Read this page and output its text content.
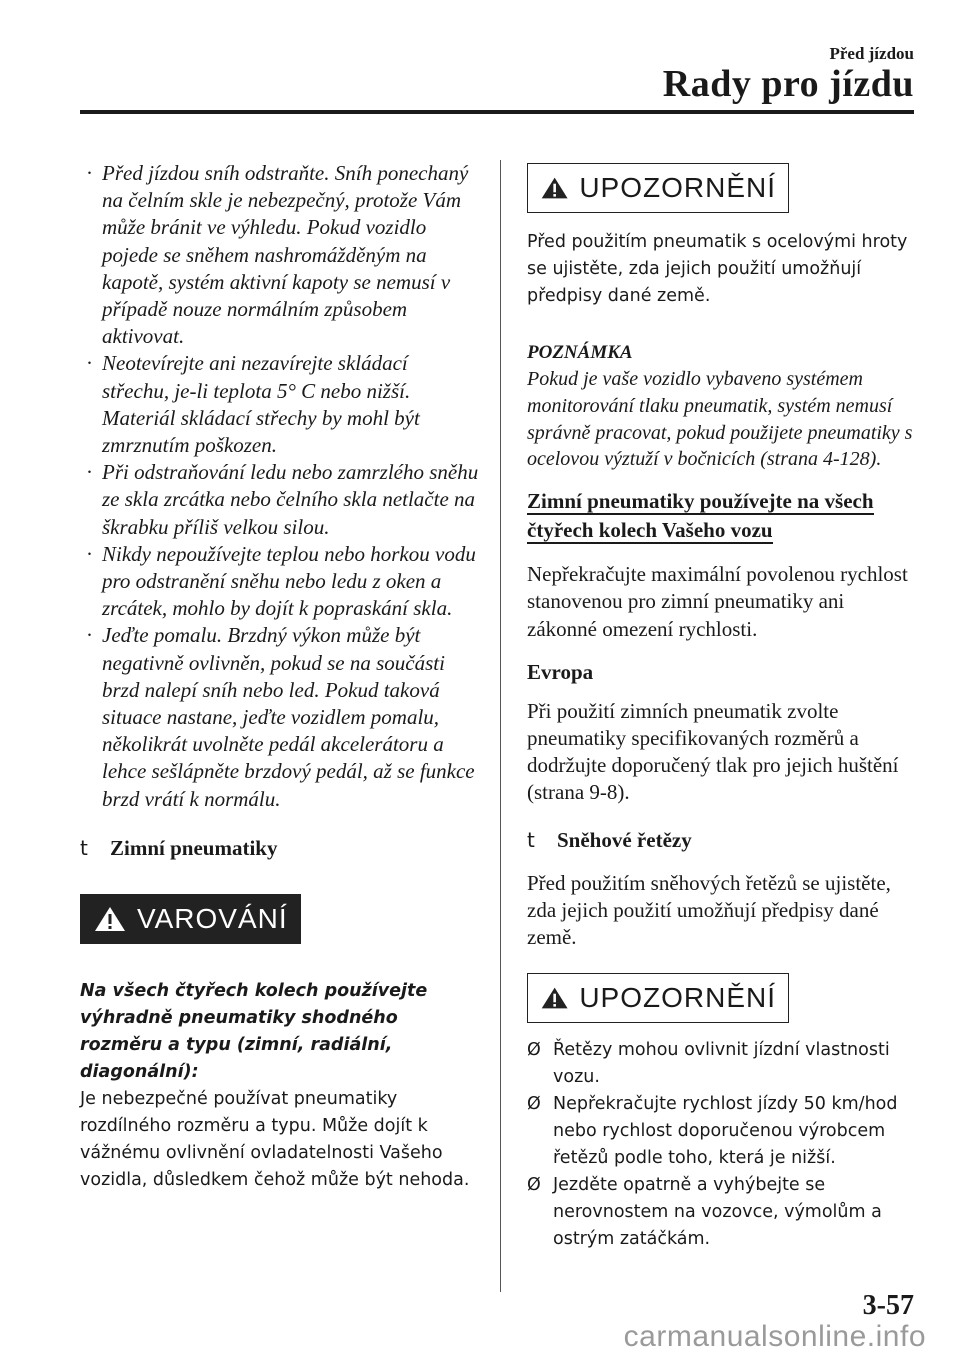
Před jízdou
Rady pro jízdu
· Před jízdou sníh odstraňte. Sníh ponechaný na čelním skle je nebezpečný, protože Vám může bránit ve výhledu. Pokud vozidlo pojede se sněhem nashromážděným na kapotě, systém aktivní kapoty se nemusí v případě nouze normálním způsobem aktivovat.
· Neotevírejte ani nezavírejte skládací střechu, je-li teplota 5° C nebo nižší. Materiál skládací střechy by mohl být zmrznutím poškozen.
· Při odstraňování ledu nebo zamrzlého sněhu ze skla zrcátka nebo čelního skla netlačte na škrabku příliš velkou silou.
· Nikdy nepoužívejte teplou nebo horkou vodu pro odstranění sněhu nebo ledu z oken a zrcátek, mohlo by dojít k popraskání skla.
· Jeďte pomalu. Brzdný výkon může být negativně ovlivněn, pokud se na součásti brzd nalepí sníh nebo led. Pokud taková situace nastane, jeďte vozidlem pomalu, několikrát uvolněte pedál akcelerátoru a lehce sešlápněte brzdový pedál, až se funkce brzd vrátí k normálu.
t Zimní pneumatiky
VAROVÁNÍ
Na všech čtyřech kolech používejte výhradně pneumatiky shodného rozměru a typu (zimní, radiální, diagonální):
Je nebezpečné používat pneumatiky rozdílného rozměru a typu. Může dojít k vážnému ovlivnění ovladatelnosti Vašeho vozidla, důsledkem čehož může být nehoda.
UPOZORNĚNÍ

Před použitím pneumatik s ocelovými hroty se ujistěte, zda jejich použití umožňují předpisy dané země.

POZNÁMKA

Pokud je vaše vozidlo vybaveno systémem monitorování tlaku pneumatik, systém nemusí správně pracovat, pokud použijete pneumatiky s ocelovou výztuží v bočnicích (strana 4-128).

Zimní pneumatiky používejte na všech čtyřech kolech Vašeho vozu

Nepřekračujte maximální povolenou rychlost stanovenou pro zimní pneumatiky ani zákonné omezení rychlosti.

Evropa

Při použití zimních pneumatik zvolte pneumatiky specifikovaných rozměrů a dodržujte doporučený tlak pro jejich huštění (strana 9-8).

t Sněhové řetězy

Před použitím sněhových řetězů se ujistěte, zda jejich použití umožňují předpisy dané země.

UPOZORNĚNÍ
Ø Řetězy mohou ovlivnit jízdní vlastnosti vozu.
Ø Nepřekračujte rychlost jízdy 50 km/hod nebo rychlost doporučenou výrobcem řetězů podle toho, která je nižší.
Ø Jezděte opatrně a vyhýbejte se nerovnostem na vozovce, výmolům a ostrým zatáčkám.
3-57
carmanualsonline.info
